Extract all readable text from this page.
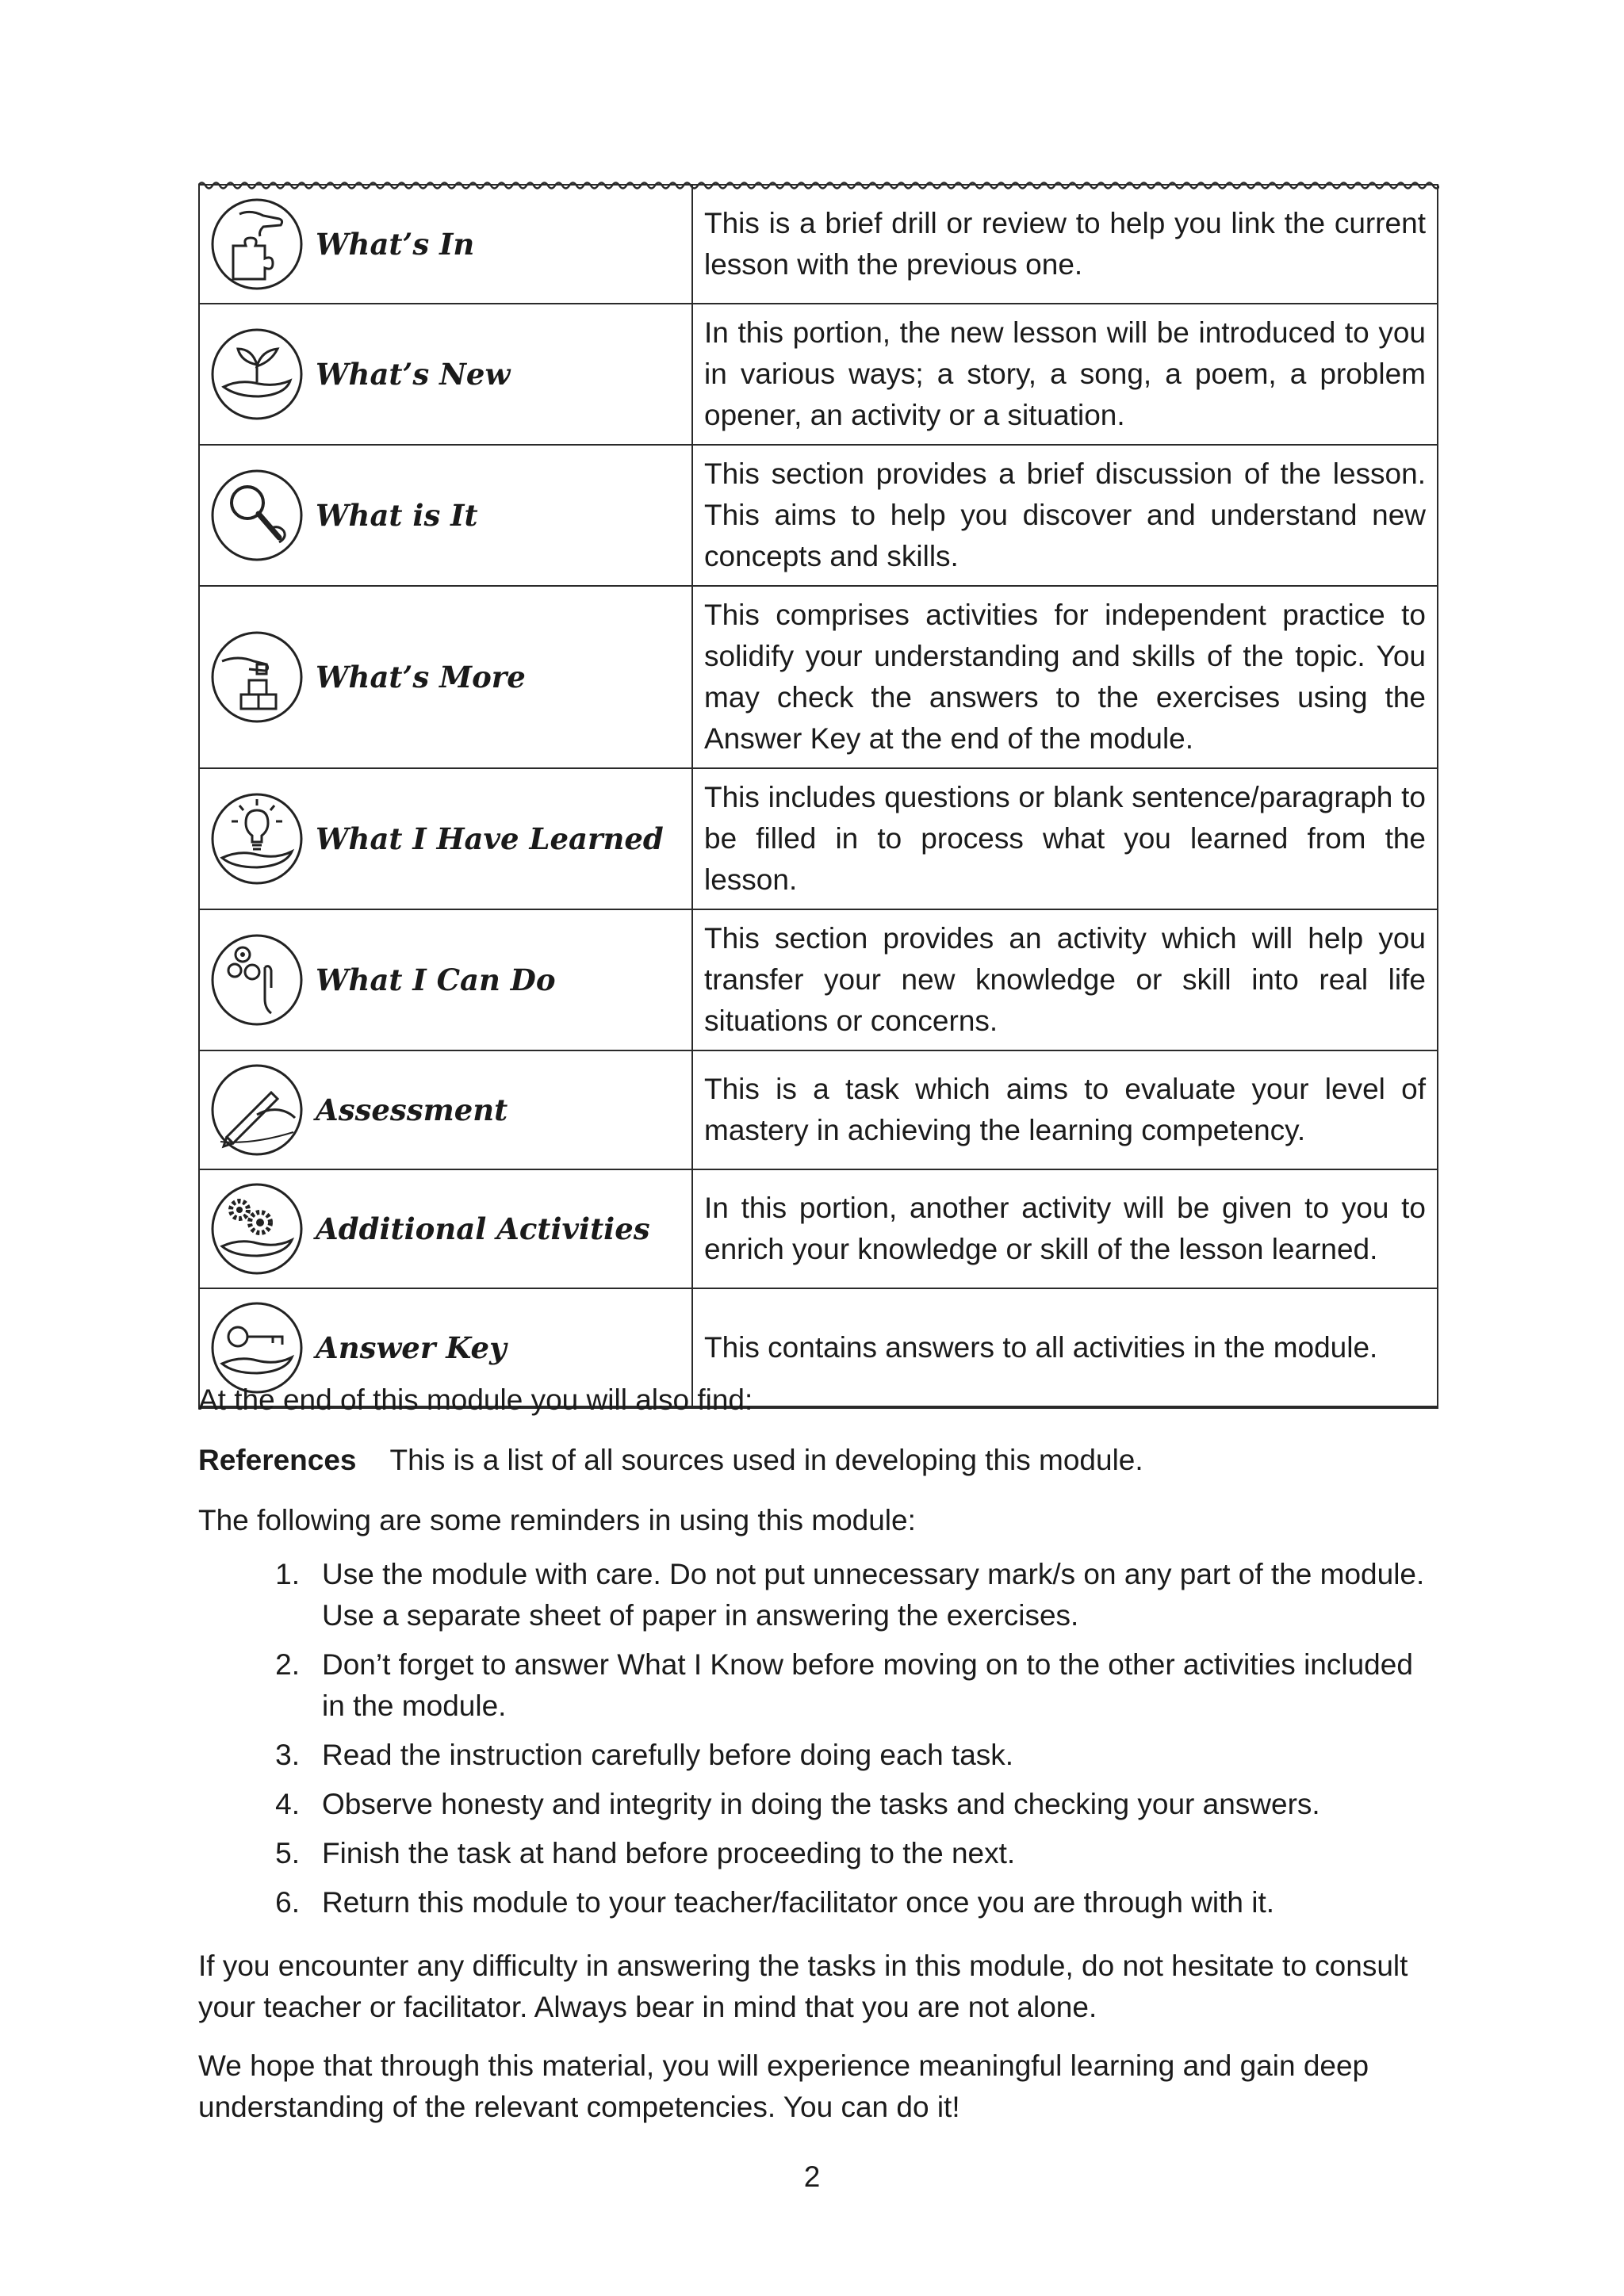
What’s In	This is a brief drill or review to help you link the current lesson with the previous one.

What’s New	In this portion, the new lesson will be introduced to you in various ways; a story, a song, a poem, a problem opener, an activity or a situation.

What is It	This section provides a brief discussion of the lesson. This aims to help you discover and understand new concepts and skills.

What’s More	This comprises activities for independent practice to solidify your understanding and skills of the topic. You may check the answers to the exercises using the Answer Key at the end of the module.

What I Have Learned	This includes questions or blank sentence/paragraph to be filled in to process what you learned from the lesson.

What I Can Do	This section provides an activity which will help you transfer your new knowledge or skill into real life situations or concerns.

Assessment	This is a task which aims to evaluate your level of mastery in achieving the learning competency.

Additional Activities	In this portion, another activity will be given to you to enrich your knowledge or skill of the lesson learned.

Answer Key	This contains answers to all activities in the module.

At the end of this module you will also find:

References This is a list of all sources used in developing this module.

The following are some reminders in using this module:

1. Use the module with care. Do not put unnecessary mark/s on any part of the module. Use a separate sheet of paper in answering the exercises.
2. Don’t forget to answer What I Know before moving on to the other activities included in the module.
3. Read the instruction carefully before doing each task.
4. Observe honesty and integrity in doing the tasks and checking your answers.
5. Finish the task at hand before proceeding to the next.
6. Return this module to your teacher/facilitator once you are through with it.

If you encounter any difficulty in answering the tasks in this module, do not hesitate to consult your teacher or facilitator. Always bear in mind that you are not alone.

We hope that through this material, you will experience meaningful learning and gain deep understanding of the relevant competencies. You can do it!

2
